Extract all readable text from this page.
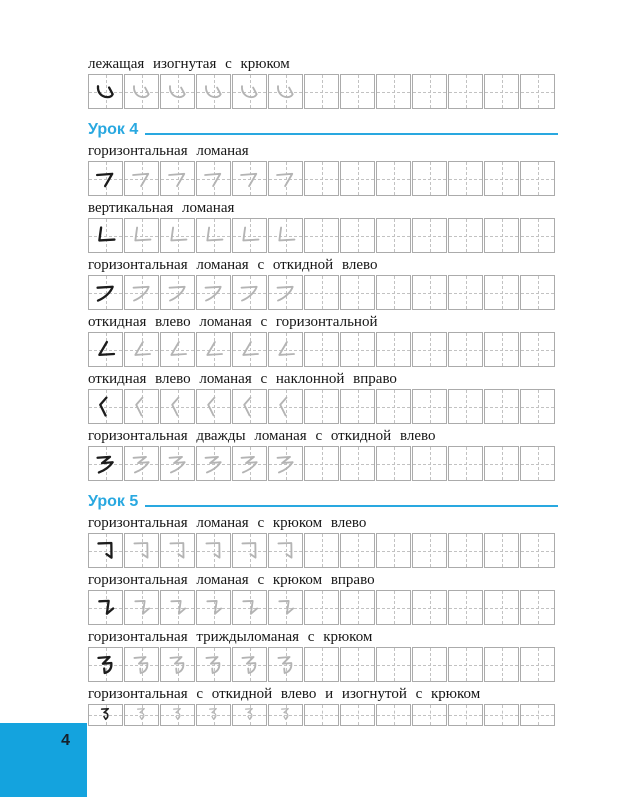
лежащая изогнутая с крюком
Урок 4
горизонтальная ломаная
вертикальная ломаная
горизонтальная ломаная с откидной влево
откидная влево ломаная с горизонтальной
откидная влево ломаная с наклонной вправо
горизонтальная дважды ломаная с откидной влево
Урок 5
горизонтальная ломаная с крюком влево
горизонтальная ломаная с крюком вправо
горизонтальная триждыломаная с крюком
горизонтальная с откидной влево и изогнутой с крюком
4
